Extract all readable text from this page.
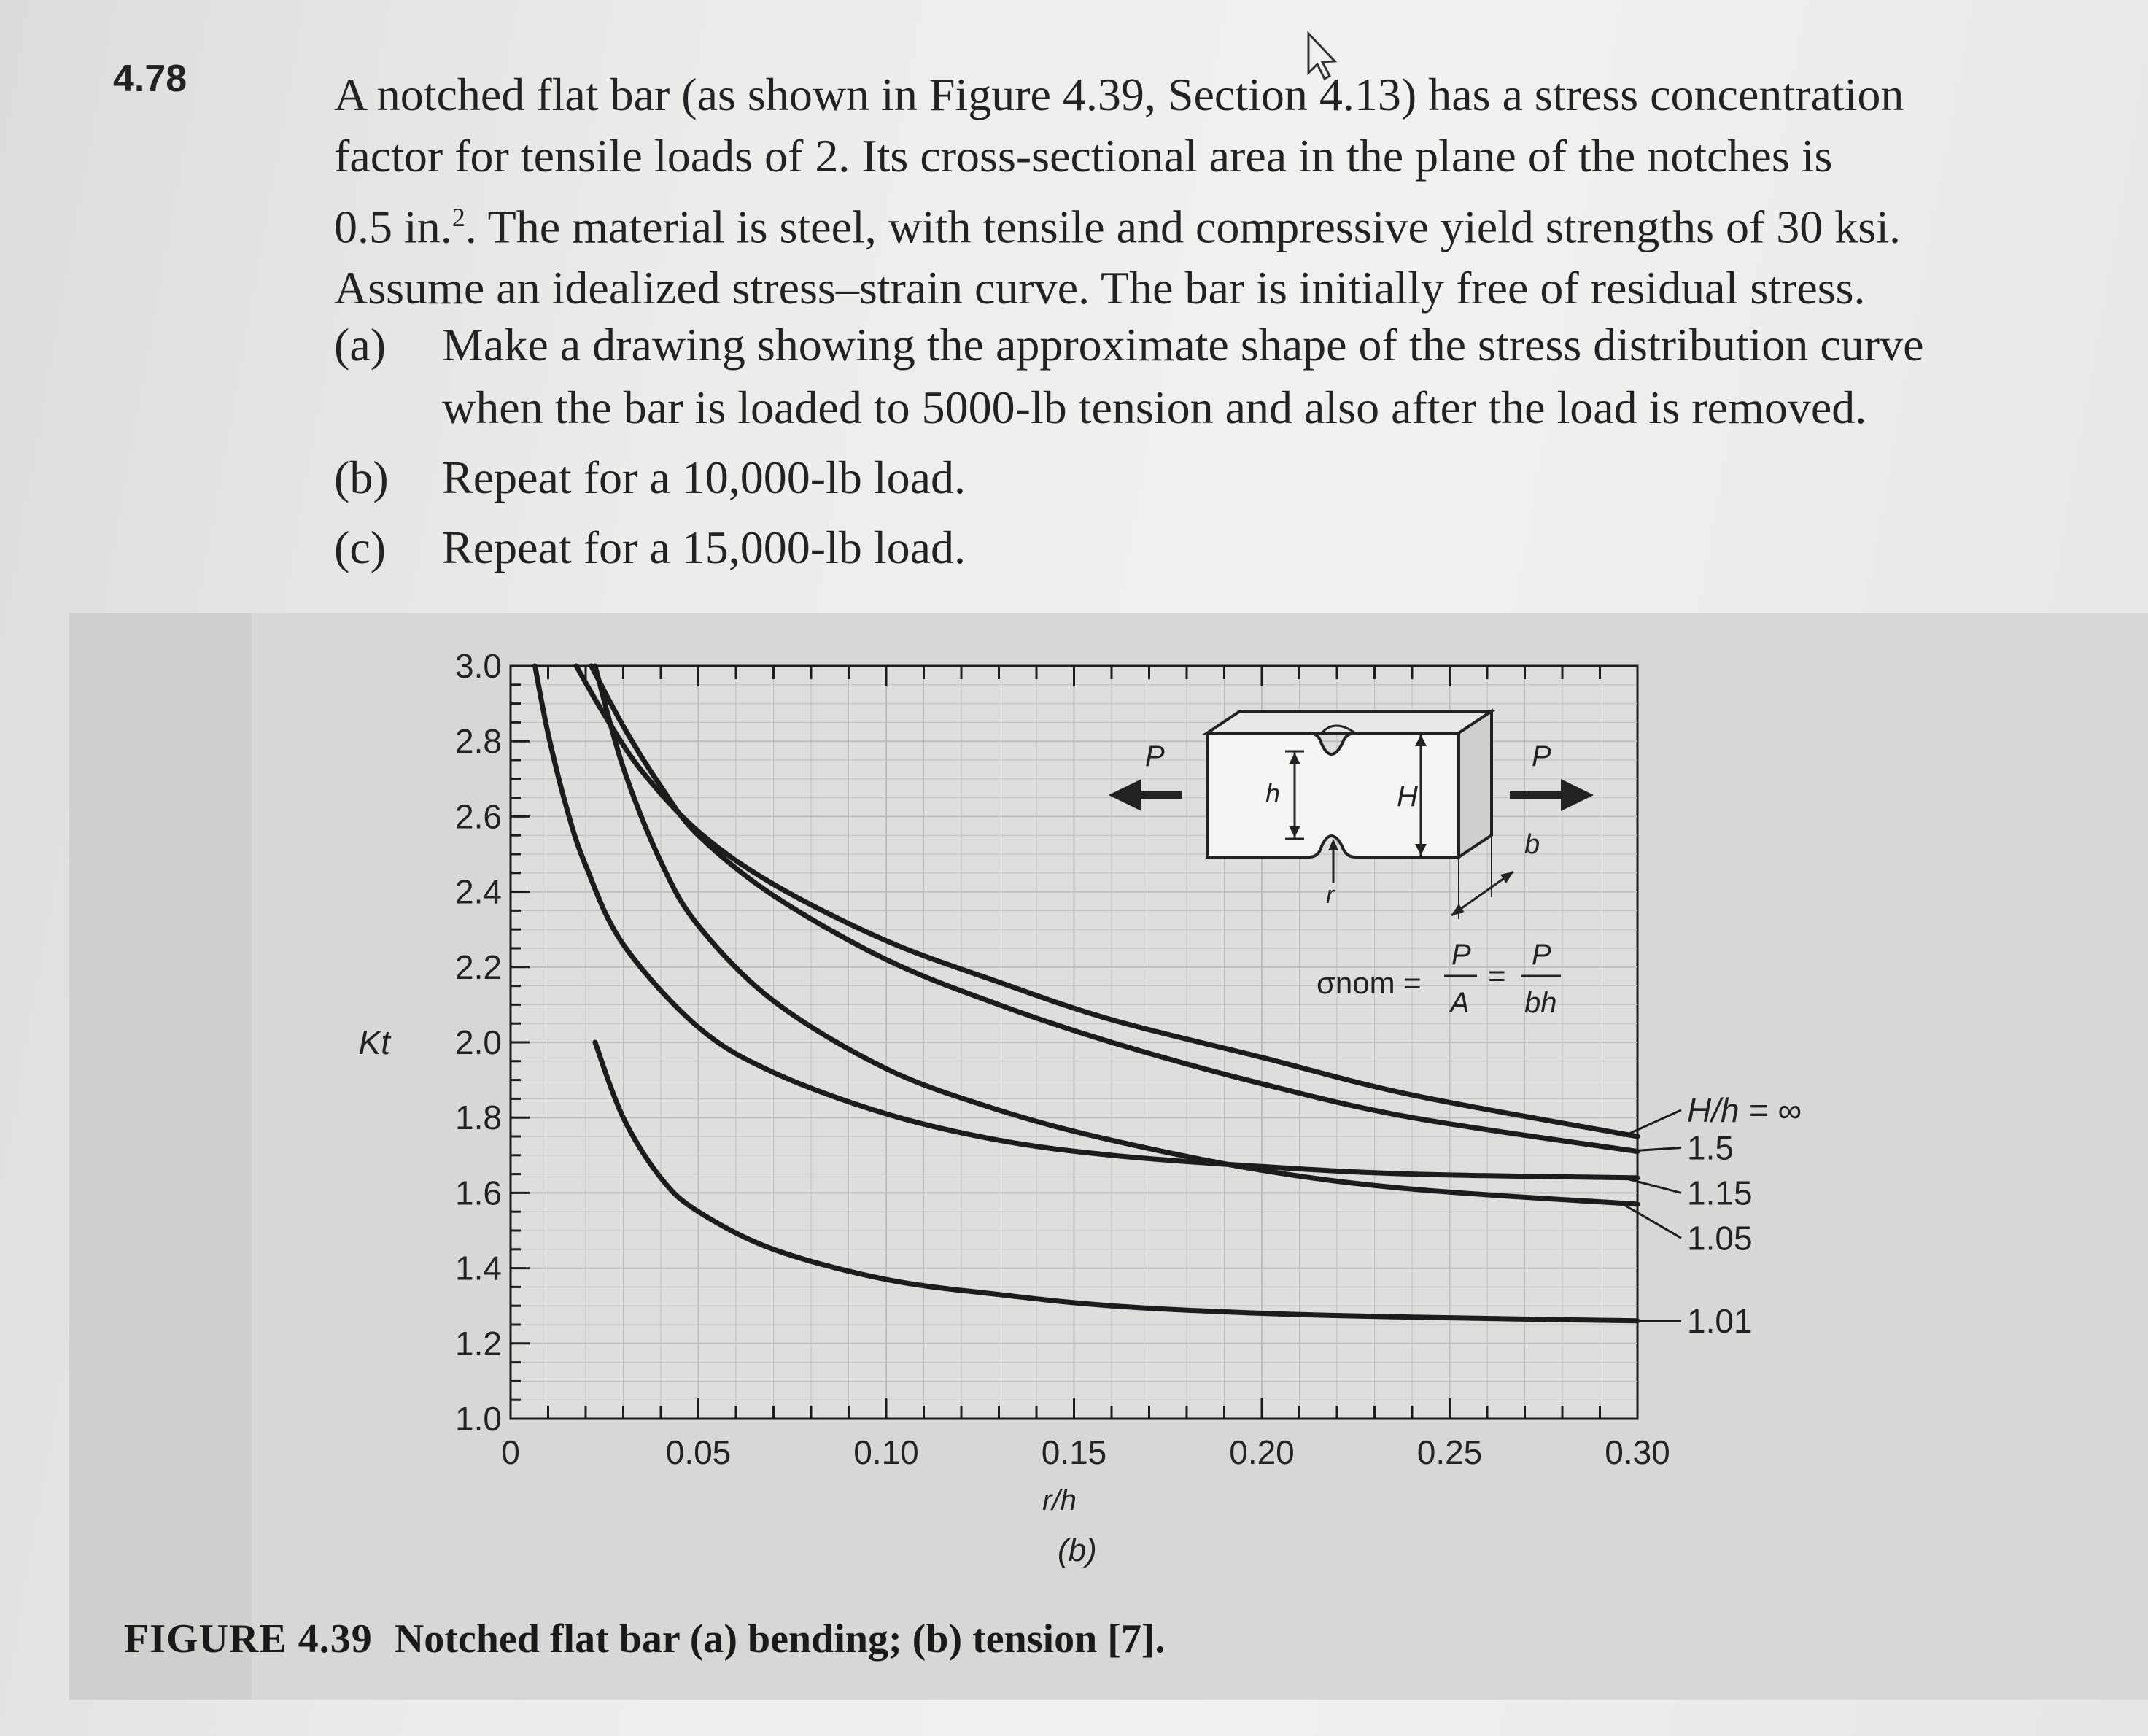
4.78	A notched flat bar (as shown in Figure 4.39, Section 4.13) has a stress concentration

factor for tensile loads of 2. Its cross-sectional area in the plane of the notches is

0.5 in.$^2$. The material is steel, with tensile and compressive yield strengths of 30 ksi.

Assume an idealized stress–strain curve. The bar is initially free of residual stress.

(a) Make a drawing showing the approximate shape of the stress distribution curve when the bar is loaded to 5000-lb tension and also after the load is removed.
(b) Repeat for a 10,000-lb load.
(c) Repeat for a 15,000-lb load.
0	0.05	0.10	0.15	0.20	0.25	0.30
1.0
1.2
1.4
1.6
1.8
2.0
2.2
2.4
2.6
2.8
3.0
r/h
Kt
H/h = ∞
1.5
1.15
1.05
1.01
P	P
h	H
r
b
σnom =
P
A
=
P
bh
(b)
FIGURE 4.39 Notched flat bar (a) bending; (b) tension [7].
